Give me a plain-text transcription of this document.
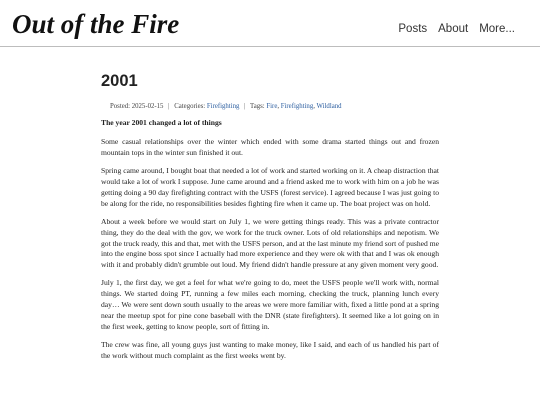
Out of the Fire	Posts About More...
2001
Posted: 2025-02-15 | Categories: Firefighting | Tags: Fire, Firefighting, Wildland

The year 2001 changed a lot of things

Some casual relationships over the winter which ended with some drama started things out and frozen mountain tops in the winter sun finished it out.

Spring came around, I bought boat that needed a lot of work and started working on it. A cheap distraction that would take a lot of work I suppose. June came around and a friend asked me to work with him on a job he was getting doing a 90 day firefighting contract with the USFS (forest service). I agreed because I was just going to be along for the ride, no responsibilities besides fighting fire when it came up. The boat project was on hold.

About a week before we would start on July 1, we were getting things ready. This was a private contractor thing, they do the deal with the gov, we work for the truck owner. Lots of old relationships and nepotism. We got the truck ready, this and that, met with the USFS person, and at the last minute my friend sort of pushed me into the engine boss spot since I actually had more experience and they were ok with that and I was ok enough with it and probably didn't grumble out loud. My friend didn't handle pressure at any given moment very good.

July 1, the first day, we get a feel for what we're going to do, meet the USFS people we'll work with, normal things. We started doing PT, running a few miles each morning, checking the truck, planning lunch every day… We were sent down south usually to the areas we were more familiar with, fixed a little pond at a spring near the meetup spot for pine cone baseball with the DNR (state firefighters). It seemed like a lot going on in the first week, getting to know people, sort of fitting in.

The crew was fine, all young guys just wanting to make money, like I said, and each of us handled his part of the work without much complaint as the first weeks went by.
